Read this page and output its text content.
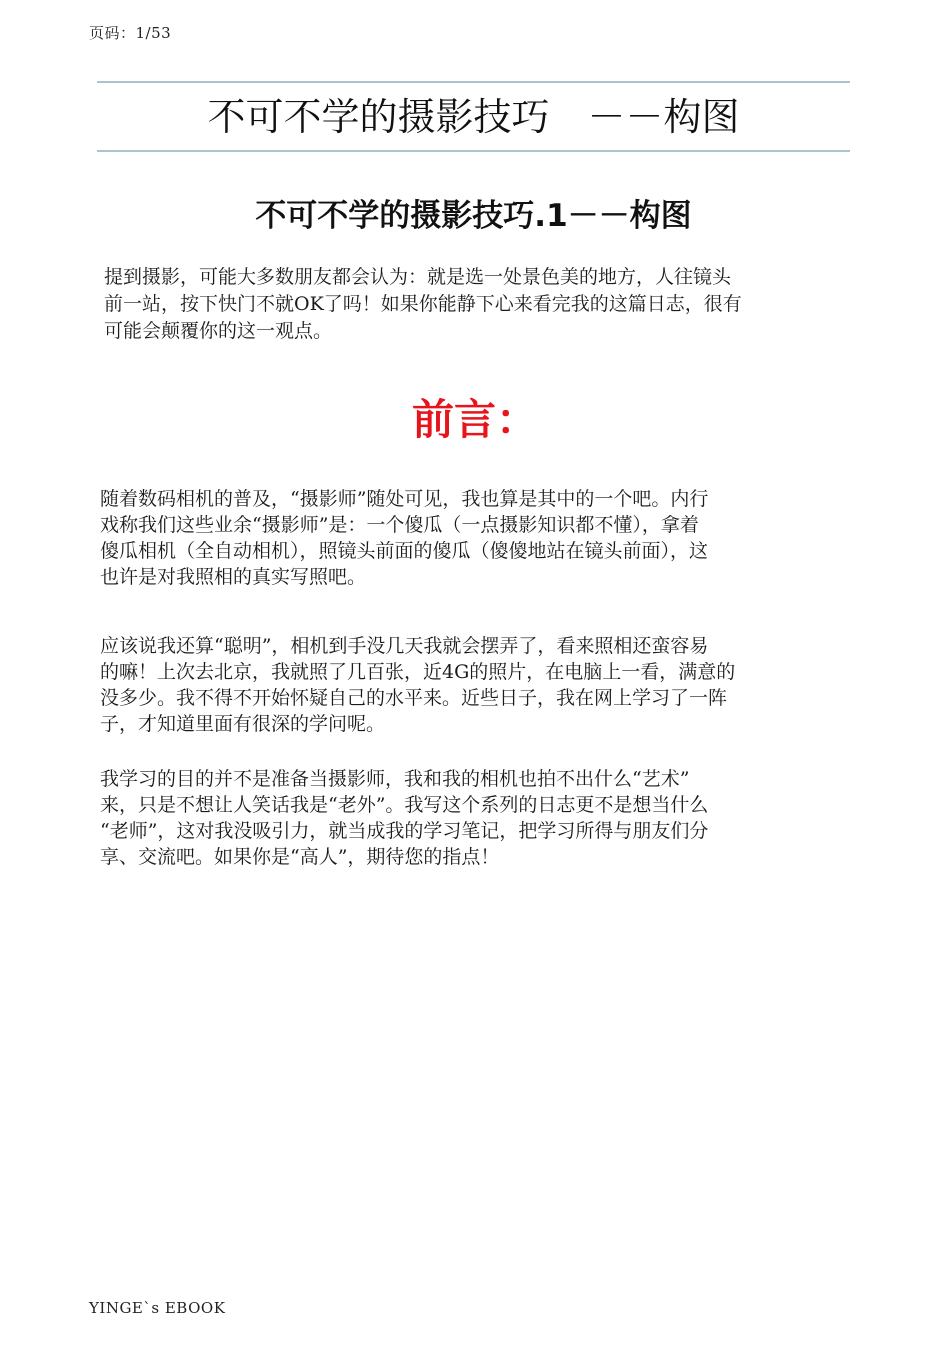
页码：1/53
不可不学的摄影技巧　－－构图
不可不学的摄影技巧.1－－构图
提到摄影，可能大多数朋友都会认为：就是选一处景色美的地方，人往镜头
前一站，按下快门不就OK了吗！如果你能静下心来看完我的这篇日志，很有
可能会颠覆你的这一观点。
前言：
随着数码相机的普及，“摄影师”随处可见，我也算是其中的一个吧。内行
戏称我们这些业余“摄影师”是：一个傻瓜（一点摄影知识都不懂），拿着
傻瓜相机（全自动相机），照镜头前面的傻瓜（傻傻地站在镜头前面），这
也许是对我照相的真实写照吧。
应该说我还算“聪明”，相机到手没几天我就会摆弄了，看来照相还蛮容易
的嘛！上次去北京，我就照了几百张，近4G的照片，在电脑上一看，满意的
没多少。我不得不开始怀疑自己的水平来。近些日子，我在网上学习了一阵
子，才知道里面有很深的学问呢。
我学习的目的并不是准备当摄影师，我和我的相机也拍不出什么“艺术”
来，只是不想让人笑话我是“老外”。我写这个系列的日志更不是想当什么
“老师”，这对我没吸引力，就当成我的学习笔记，把学习所得与朋友们分
享、交流吧。如果你是“高人”，期待您的指点！
YINGE`s EBOOK
